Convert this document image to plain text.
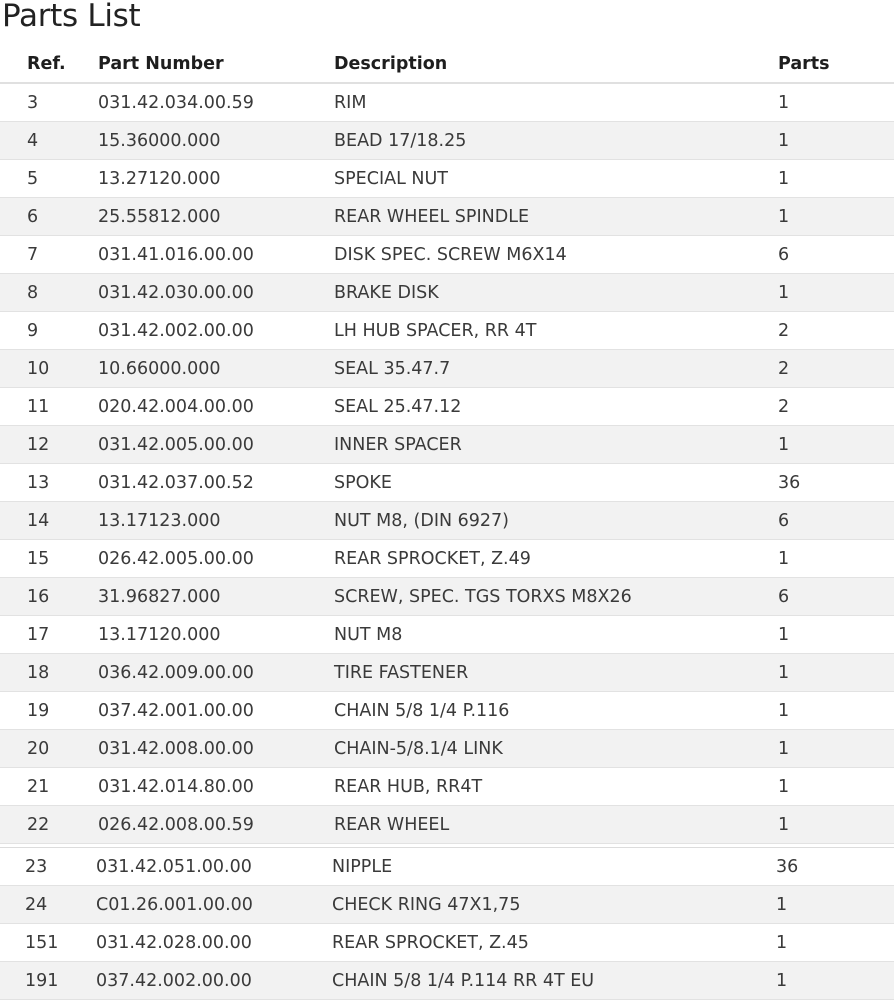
Parts List
Ref.	Part Number	Description	Parts
3	031.42.034.00.59	RIM	1
4	15.36000.000	BEAD 17/18.25	1
5	13.27120.000	SPECIAL NUT	1
6	25.55812.000	REAR WHEEL SPINDLE	1
7	031.41.016.00.00	DISK SPEC. SCREW M6X14	6
8	031.42.030.00.00	BRAKE DISK	1
9	031.42.002.00.00	LH HUB SPACER, RR 4T	2
10	10.66000.000	SEAL 35.47.7	2
11	020.42.004.00.00	SEAL 25.47.12	2
12	031.42.005.00.00	INNER SPACER	1
13	031.42.037.00.52	SPOKE	36
14	13.17123.000	NUT M8, (DIN 6927)	6
15	026.42.005.00.00	REAR SPROCKET, Z.49	1
16	31.96827.000	SCREW, SPEC. TGS TORXS M8X26	6
17	13.17120.000	NUT M8	1
18	036.42.009.00.00	TIRE FASTENER	1
19	037.42.001.00.00	CHAIN 5/8 1/4 P.116	1
20	031.42.008.00.00	CHAIN-5/8.1/4 LINK	1
21	031.42.014.80.00	REAR HUB, RR4T	1
22	026.42.008.00.59	REAR WHEEL	1
23	031.42.051.00.00	NIPPLE	36
24	C01.26.001.00.00	CHECK RING 47X1,75	1
151	031.42.028.00.00	REAR SPROCKET, Z.45	1
191	037.42.002.00.00	CHAIN 5/8 1/4 P.114 RR 4T EU	1
